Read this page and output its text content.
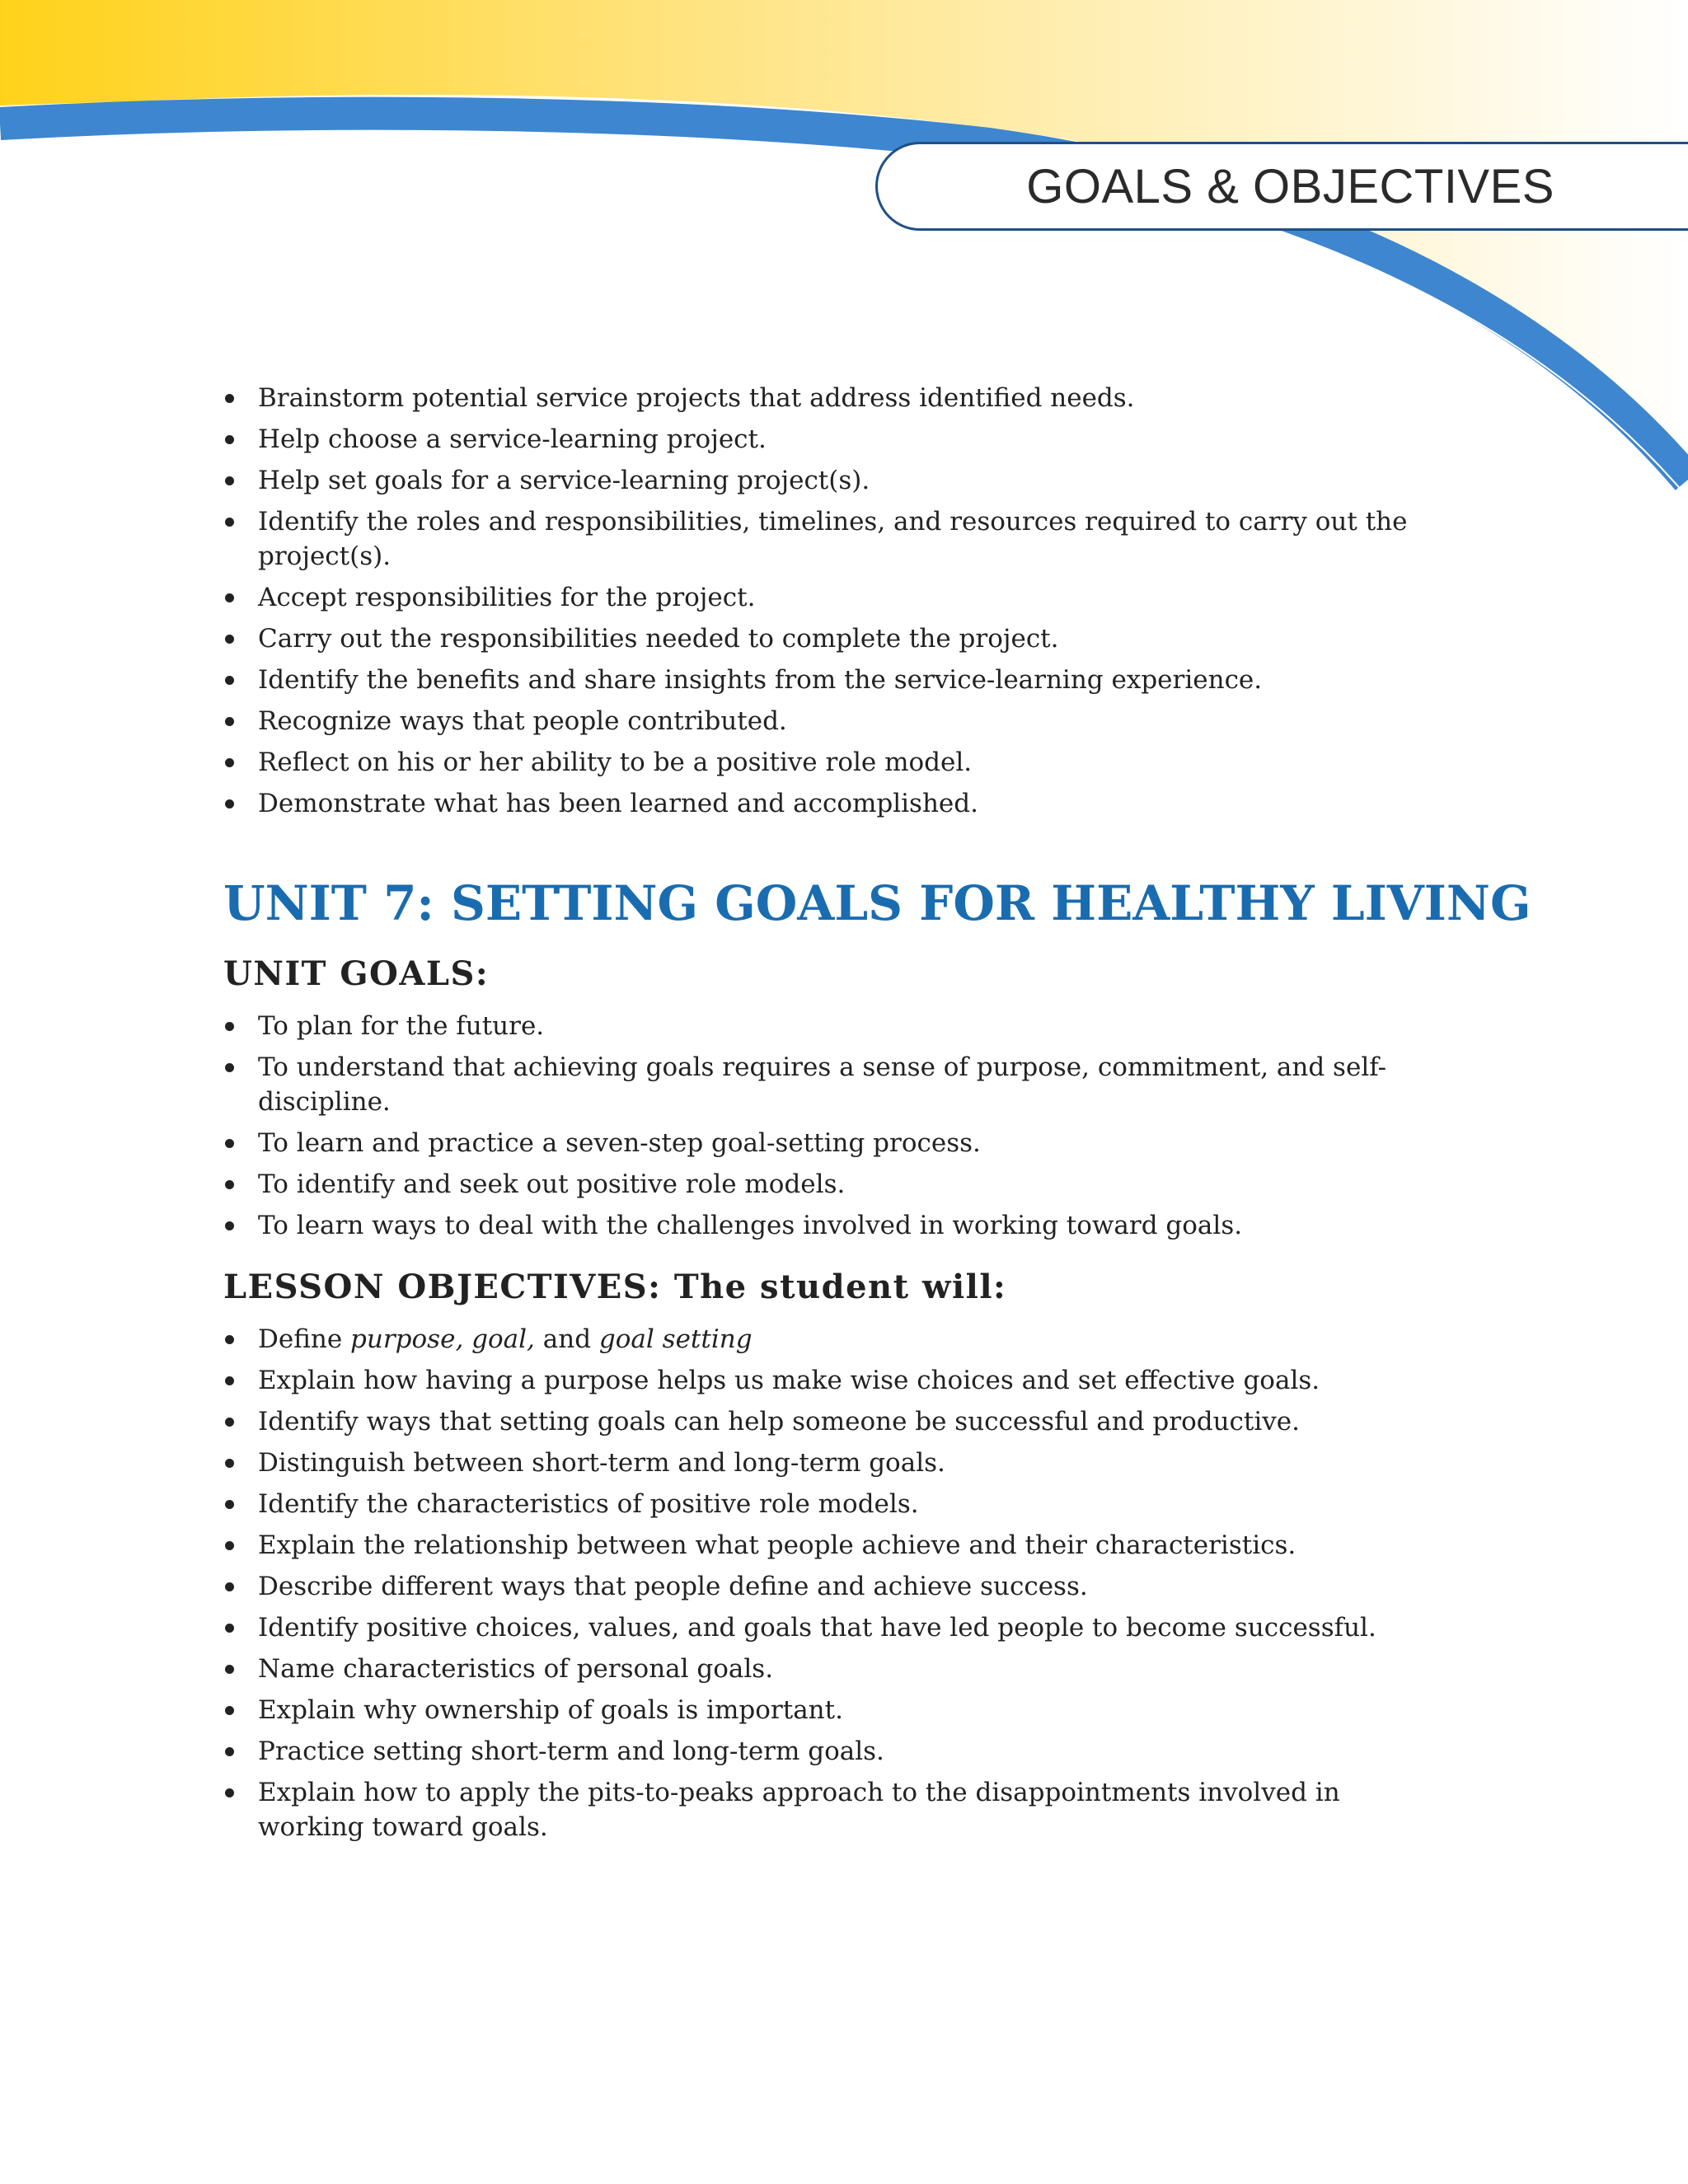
GOALS & OBJECTIVES
Brainstorm potential service projects that address identified needs.
Help choose a service-learning project.
Help set goals for a service-learning project(s).
Identify the roles and responsibilities, timelines, and resources required to carry out the project(s).
Accept responsibilities for the project.
Carry out the responsibilities needed to complete the project.
Identify the benefits and share insights from the service-learning experience.
Recognize ways that people contributed.
Reflect on his or her ability to be a positive role model.
Demonstrate what has been learned and accomplished.
UNIT 7: SETTING GOALS FOR HEALTHY LIVING
UNIT GOALS:
To plan for the future.
To understand that achieving goals requires a sense of purpose, commitment, and self-discipline.
To learn and practice a seven-step goal-setting process.
To identify and seek out positive role models.
To learn ways to deal with the challenges involved in working toward goals.
LESSON OBJECTIVES: The student will:
Define purpose, goal, and goal setting
Explain how having a purpose helps us make wise choices and set effective goals.
Identify ways that setting goals can help someone be successful and productive.
Distinguish between short-term and long-term goals.
Identify the characteristics of positive role models.
Explain the relationship between what people achieve and their characteristics.
Describe different ways that people define and achieve success.
Identify positive choices, values, and goals that have led people to become successful.
Name characteristics of personal goals.
Explain why ownership of goals is important.
Practice setting short-term and long-term goals.
Explain how to apply the pits-to-peaks approach to the disappointments involved in working toward goals.
